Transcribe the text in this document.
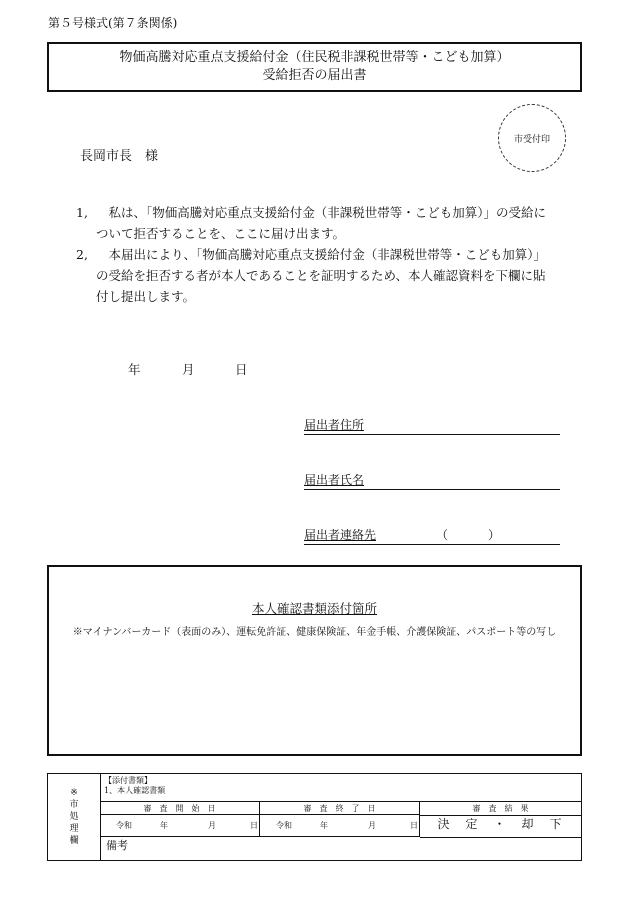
第５号様式(第７条関係)
物価高騰対応重点支援給付金（住民税非課税世帯等・こども加算）
受給拒否の届出書
市受付印
長岡市長　様
1,	私は、「物価高騰対応重点支援給付金（非課税世帯等・こども加算）」の受給について拒否することを、ここに届け出ます。
2,	本届出により、「物価高騰対応重点支援給付金（非課税世帯等・こども加算）」の受給を拒否する者が本人であることを証明するため、本人確認資料を下欄に貼付し提出します。
年	月	日
届出者住所
届出者氏名
届出者連絡先	（	）
本人確認書類添付箇所
※マイナンバーカード（表面のみ）、運転免許証、健康保険証、年金手帳、介護保険証、パスポート等の写し
※
市
処
理
欄
【添付書類】
1、本人確認書類
審　査　開　始　日	審　査　終　了　日	審　査　結　果
令和	年	月	日 令和	年	月	日	決　定　・　却　下
備考
